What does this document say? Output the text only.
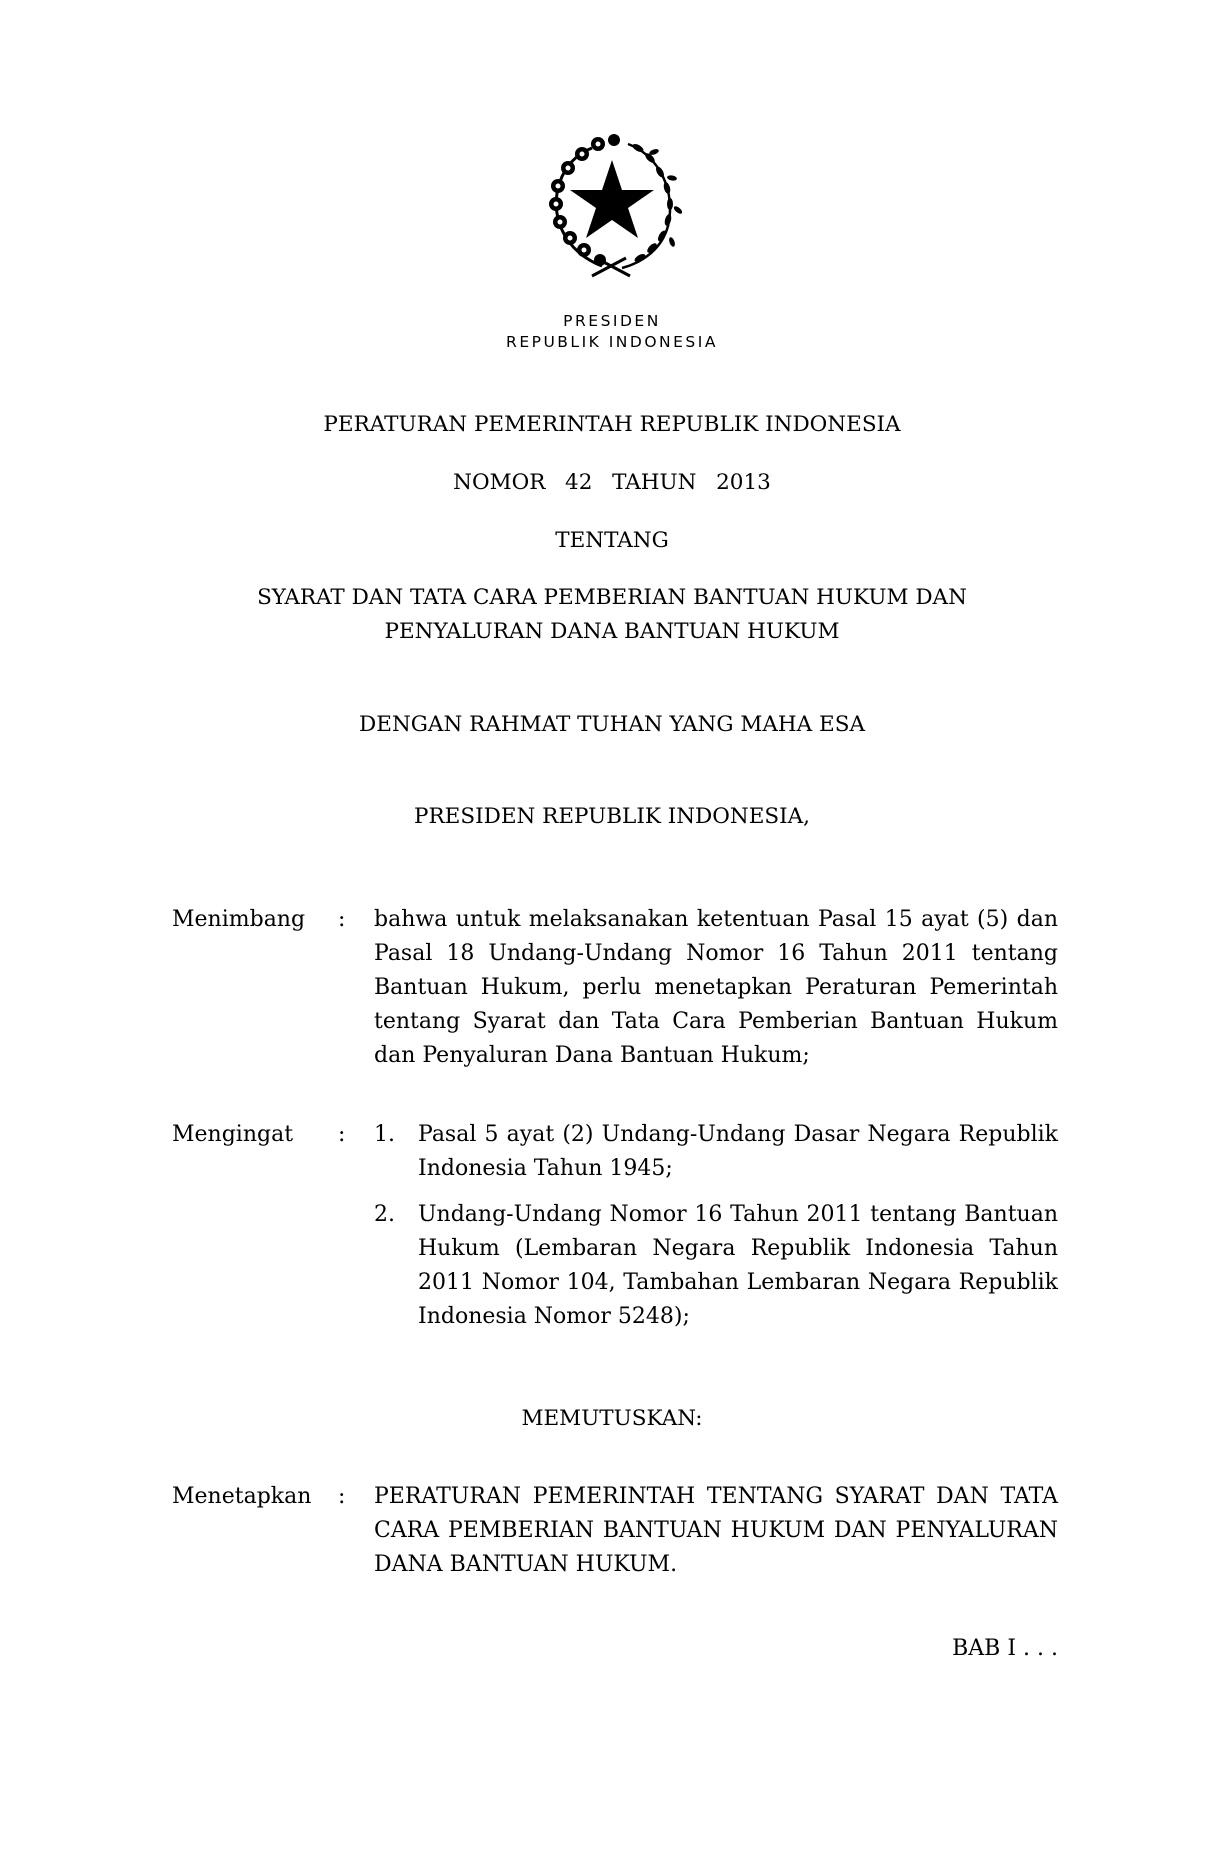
PRESIDEN
REPUBLIK INDONESIA
PERATURAN PEMERINTAH REPUBLIK INDONESIA
NOMOR  42  TAHUN  2013
TENTANG
SYARAT DAN TATA CARA PEMBERIAN BANTUAN HUKUM DAN
PENYALURAN DANA BANTUAN HUKUM
DENGAN RAHMAT TUHAN YANG MAHA ESA
PRESIDEN REPUBLIK INDONESIA,
Menimbang : bahwa untuk melaksanakan ketentuan Pasal 15 ayat (5) dan Pasal 18 Undang-Undang Nomor 16 Tahun 2011 tentang Bantuan Hukum, perlu menetapkan Peraturan Pemerintah tentang Syarat dan Tata Cara Pemberian Bantuan Hukum dan Penyaluran Dana Bantuan Hukum;
Mengingat : 1. Pasal 5 ayat (2) Undang-Undang Dasar Negara Republik Indonesia Tahun 1945;
2. Undang-Undang Nomor 16 Tahun 2011 tentang Bantuan Hukum (Lembaran Negara Republik Indonesia Tahun 2011 Nomor 104, Tambahan Lembaran Negara Republik Indonesia Nomor 5248);
MEMUTUSKAN:
Menetapkan : PERATURAN PEMERINTAH TENTANG SYARAT DAN TATA CARA PEMBERIAN BANTUAN HUKUM DAN PENYALURAN DANA BANTUAN HUKUM.
BAB I . . .
